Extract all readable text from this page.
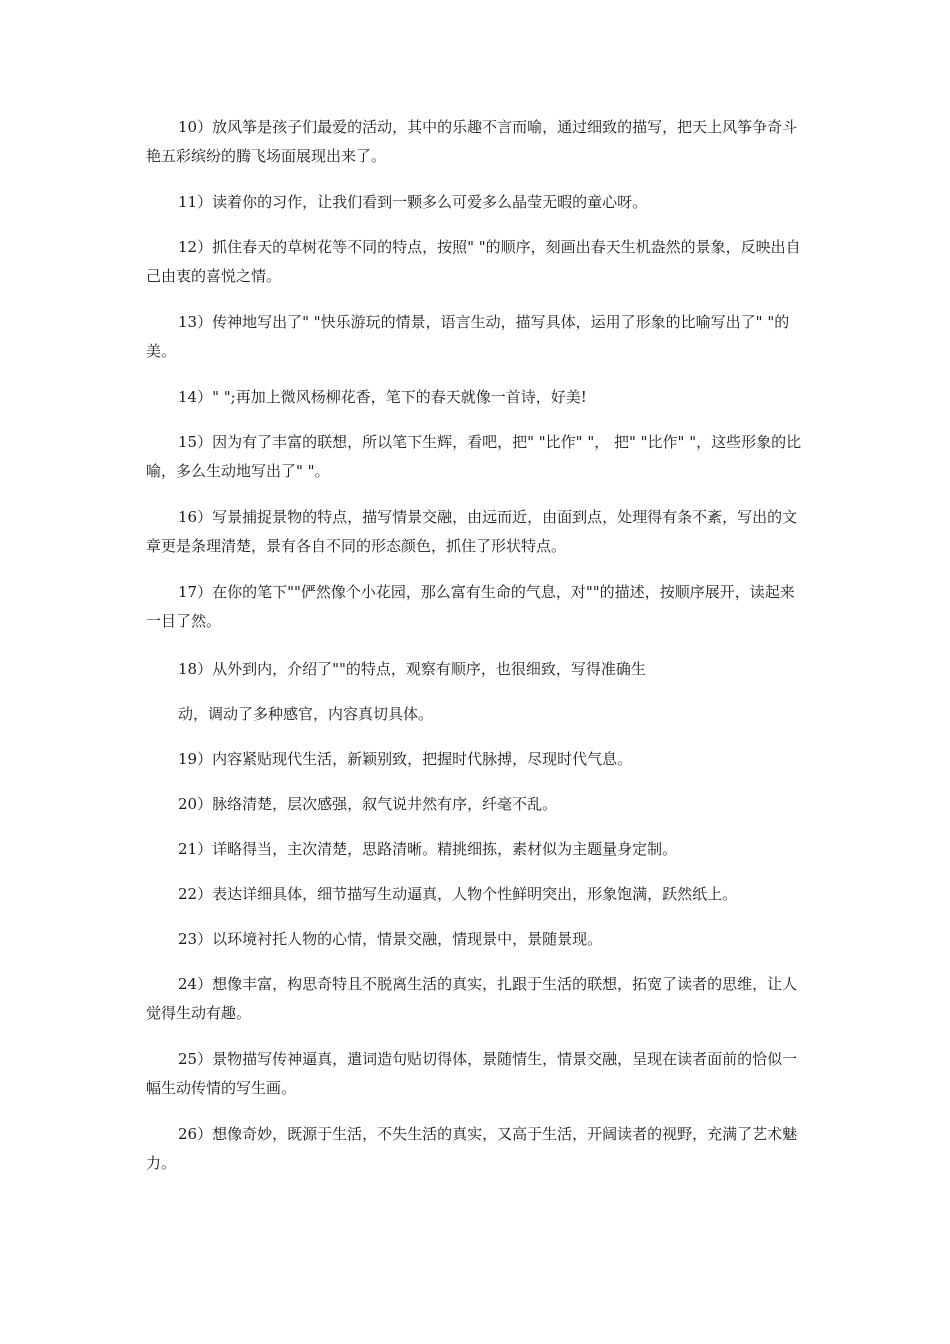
10）放风筝是孩子们最爱的活动，其中的乐趣不言而喻，通过细致的描写，把天上风筝争奇斗艳五彩缤纷的腾飞场面展现出来了。

11）读着你的习作，让我们看到一颗多么可爱多么晶莹无暇的童心呀。

12）抓住春天的草树花等不同的特点，按照" "的顺序，刻画出春天生机盎然的景象，反映出自己由衷的喜悦之情。

13）传神地写出了" "快乐游玩的情景，语言生动，描写具体，运用了形象的比喻写出了" "的美。

14）" ";再加上微风杨柳花香，笔下的春天就像一首诗，好美!

15）因为有了丰富的联想，所以笔下生辉，看吧，把" "比作" "， 把" "比作" "，这些形象的比喻，多么生动地写出了" "。

16）写景捕捉景物的特点，描写情景交融，由远而近，由面到点，处理得有条不紊，写出的文章更是条理清楚，景有各自不同的形态颜色，抓住了形状特点。

17）在你的笔下""俨然像个小花园，那么富有生命的气息，对""的描述，按顺序展开，读起来一目了然。

18）从外到内，介绍了""的特点，观察有顺序，也很细致，写得准确生

动，调动了多种感官，内容真切具体。

19）内容紧贴现代生活，新颖别致，把握时代脉搏，尽现时代气息。

20）脉络清楚，层次感强，叙气说井然有序，纤毫不乱。

21）详略得当，主次清楚，思路清晰。精挑细拣，素材似为主题量身定制。

22）表达详细具体，细节描写生动逼真，人物个性鲜明突出，形象饱满，跃然纸上。

23）以环境衬托人物的心情，情景交融，情现景中，景随景现。

24）想像丰富，构思奇特且不脱离生活的真实，扎跟于生活的联想，拓宽了读者的思维，让人觉得生动有趣。

25）景物描写传神逼真，遣词造句贴切得体，景随情生，情景交融，呈现在读者面前的恰似一幅生动传情的写生画。

26）想像奇妙，既源于生活，不失生活的真实，又高于生活，开阔读者的视野，充满了艺术魅力。
